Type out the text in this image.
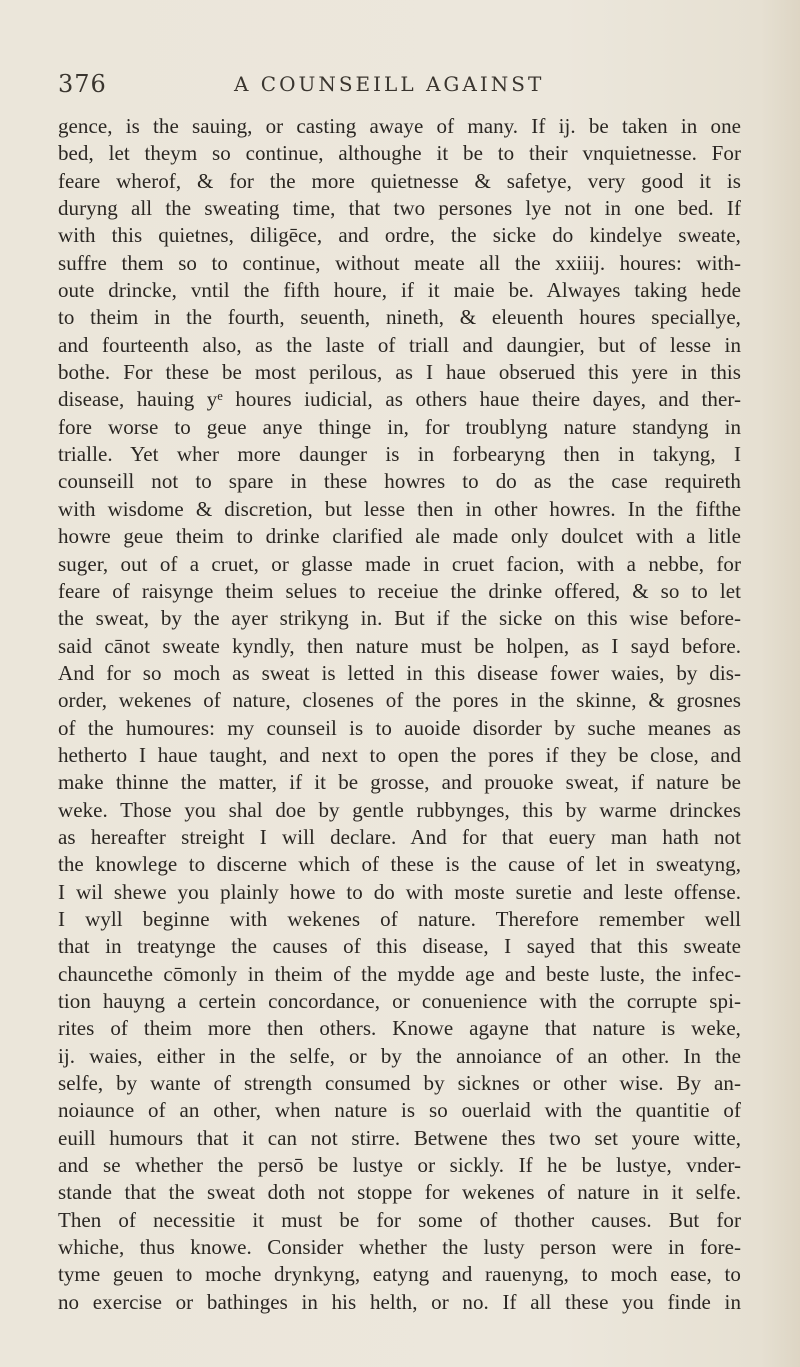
376	A COUNSEILL AGAINST
gence, is the sauing, or casting awaye of many. If ij. be taken in one
bed, let theym so continue, althoughe it be to their vnquietnesse. For
feare wherof, & for the more quietnesse & safetye, very good it is
duryng all the sweating time, that two persones lye not in one bed. If
with this quietnes, diligēce, and ordre, the sicke do kindelye sweate,
suffre them so to continue, without meate all the xxiiij. houres: with-
oute drincke, vntil the fifth houre, if it maie be. Alwayes taking hede
to theim in the fourth, seuenth, nineth, & eleuenth houres speciallye,
and fourteenth also, as the laste of triall and daungier, but of lesse in
bothe. For these be most perilous, as I haue obserued this yere in this
disease, hauing yᵉ houres iudicial, as others haue theire dayes, and ther-
fore worse to geue anye thinge in, for troublyng nature standyng in
trialle. Yet wher more daunger is in forbearyng then in takyng, I
counseill not to spare in these howres to do as the case requireth
with wisdome & discretion, but lesse then in other howres. In the fifthe
howre geue theim to drinke clarified ale made only doulcet with a litle
suger, out of a cruet, or glasse made in cruet facion, with a nebbe, for
feare of raisynge theim selues to receiue the drinke offered, & so to let
the sweat, by the ayer strikyng in. But if the sicke on this wise before-
said cānot sweate kyndly, then nature must be holpen, as I sayd before.
And for so moch as sweat is letted in this disease fower waies, by dis-
order, wekenes of nature, closenes of the pores in the skinne, & grosnes
of the humoures: my counseil is to auoide disorder by suche meanes as
hetherto I haue taught, and next to open the pores if they be close, and
make thinne the matter, if it be grosse, and prouoke sweat, if nature be
weke. Those you shal doe by gentle rubbynges, this by warme drinckes
as hereafter streight I will declare. And for that euery man hath not
the knowlege to discerne which of these is the cause of let in sweatyng,
I wil shewe you plainly howe to do with moste suretie and leste offense.
I wyll beginne with wekenes of nature. Therefore remember well
that in treatynge the causes of this disease, I sayed that this sweate
chauncethe cōmonly in theim of the mydde age and beste luste, the infec-
tion hauyng a certein concordance, or conuenience with the corrupte spi-
rites of theim more then others. Knowe agayne that nature is weke,
ij. waies, either in the selfe, or by the annoiance of an other. In the
selfe, by wante of strength consumed by sicknes or other wise. By an-
noiaunce of an other, when nature is so ouerlaid with the quantitie of
euill humours that it can not stirre. Betwene thes two set youre witte,
and se whether the persō be lustye or sickly. If he be lustye, vnder-
stande that the sweat doth not stoppe for wekenes of nature in it selfe.
Then of necessitie it must be for some of thother causes. But for
whiche, thus knowe. Consider whether the lusty person were in fore-
tyme geuen to moche drynkyng, eatyng and rauenyng, to moch ease, to
no exercise or bathinges in his helth, or no. If all these you finde in
